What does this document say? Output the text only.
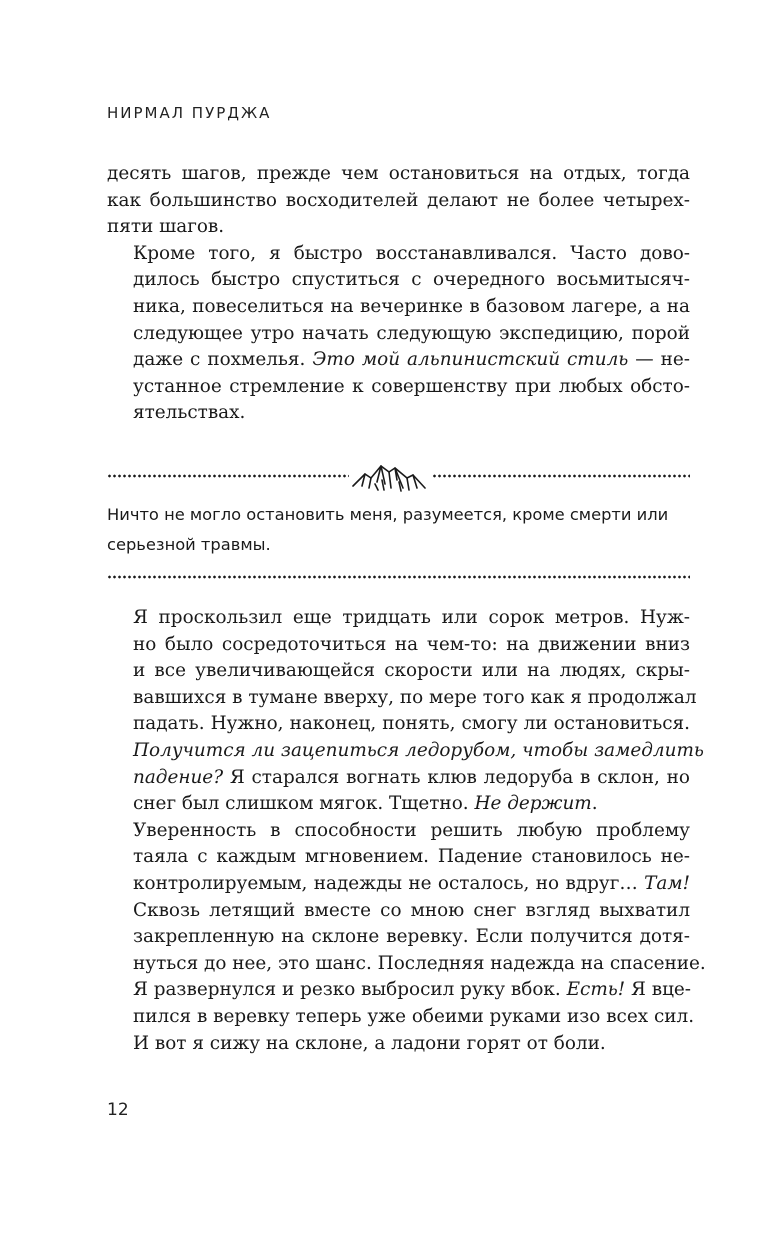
НИРМАЛ ПУРДЖА

десять шагов, прежде чем остановиться на отдых, тогда
как большинство восходителей делают не более четырех-
пяти шагов.

Кроме того, я быстро восстанавливался. Часто дово-
дилось быстро спуститься с очередного восьмитысяч-
ника, повеселиться на вечеринке в базовом лагере, а на
следующее утро начать следующую экспедицию, порой
даже с похмелья. Это мой альпинистский стиль — не-
устанное стремление к совершенству при любых обсто-
ятельствах.

Ничто не могло остановить меня, разумеется, кроме смерти или
серьезной травмы.

Я проскользил еще тридцать или сорок метров. Нуж-
но было сосредоточиться на чем-то: на движении вниз
и все увеличивающейся скорости или на людях, скры-
вавшихся в тумане вверху, по мере того как я продолжал
падать. Нужно, наконец, понять, смогу ли остановиться.
Получится ли зацепиться ледорубом, чтобы замедлить
падение? Я старался вогнать клюв ледоруба в склон, но
снег был слишком мягок. Тщетно. Не держит.

Уверенность в способности решить любую проблему
таяла с каждым мгновением. Падение становилось не-
контролируемым, надежды не осталось, но вдруг… Там!
Сквозь летящий вместе со мною снег взгляд выхватил
закрепленную на склоне веревку. Если получится дотя-
нуться до нее, это шанс. Последняя надежда на спасение.
Я развернулся и резко выбросил руку вбок. Есть! Я вце-
пился в веревку теперь уже обеими руками изо всех сил.
И вот я сижу на склоне, а ладони горят от боли.

12
